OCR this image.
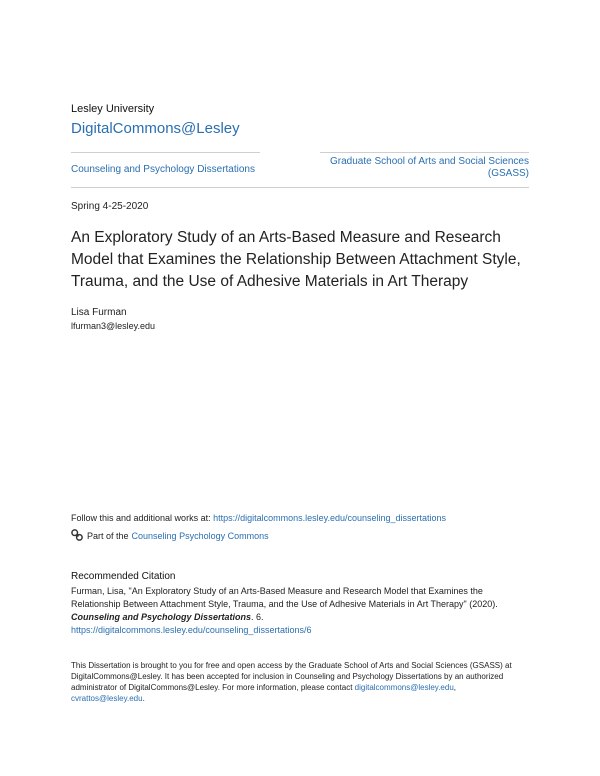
Lesley University
DigitalCommons@Lesley
Counseling and Psychology Dissertations
Graduate School of Arts and Social Sciences
(GSASS)
Spring 4-25-2020
An Exploratory Study of an Arts-Based Measure and Research Model that Examines the Relationship Between Attachment Style, Trauma, and the Use of Adhesive Materials in Art Therapy
Lisa Furman
lfurman3@lesley.edu
Follow this and additional works at: https://digitalcommons.lesley.edu/counseling_dissertations
Part of the Counseling Psychology Commons
Recommended Citation
Furman, Lisa, "An Exploratory Study of an Arts-Based Measure and Research Model that Examines the Relationship Between Attachment Style, Trauma, and the Use of Adhesive Materials in Art Therapy" (2020). Counseling and Psychology Dissertations. 6.
https://digitalcommons.lesley.edu/counseling_dissertations/6
This Dissertation is brought to you for free and open access by the Graduate School of Arts and Social Sciences (GSASS) at DigitalCommons@Lesley. It has been accepted for inclusion in Counseling and Psychology Dissertations by an authorized administrator of DigitalCommons@Lesley. For more information, please contact digitalcommons@lesley.edu, cvrattos@lesley.edu.
